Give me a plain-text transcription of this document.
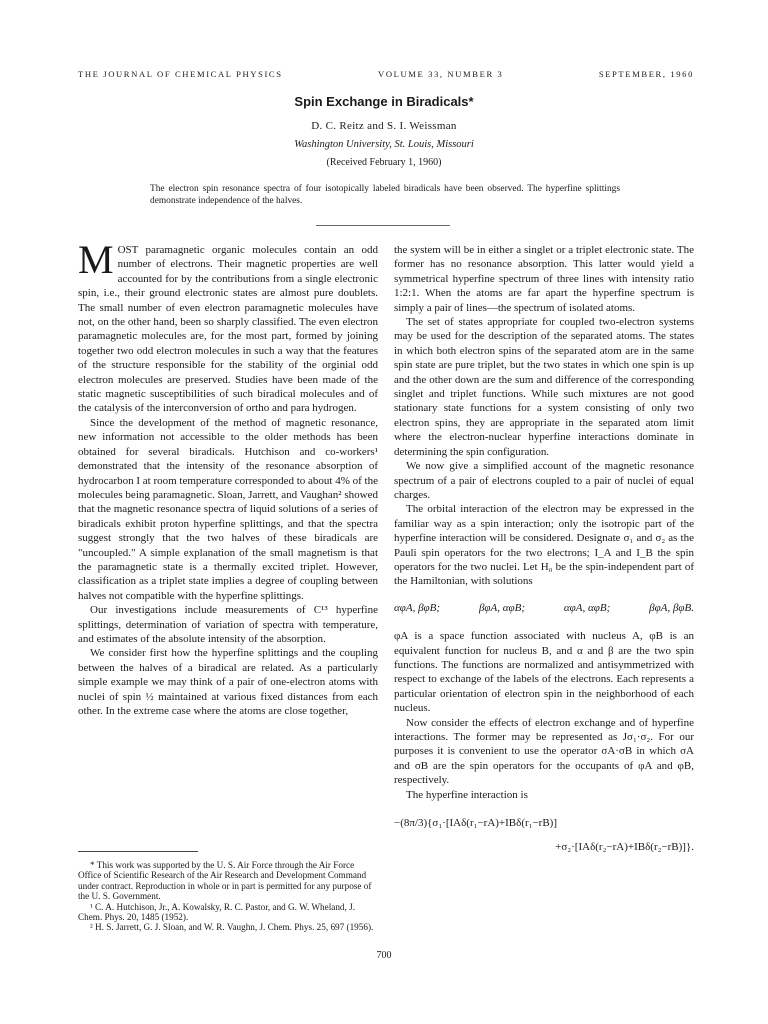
THE JOURNAL OF CHEMICAL PHYSICS	VOLUME 33, NUMBER 3	SEPTEMBER, 1960
Spin Exchange in Biradicals*
D. C. Reitz and S. I. Weissman
Washington University, St. Louis, Missouri
(Received February 1, 1960)
The electron spin resonance spectra of four isotopically labeled biradicals have been observed. The hyperfine splittings demonstrate independence of the halves.

MOST paramagnetic organic molecules contain an odd number of electrons. Their magnetic properties are well accounted for by the contributions from a single electronic spin, i.e., their ground electronic states are almost pure doublets. The small number of even electron paramagnetic molecules have not, on the other hand, been so sharply classified. The even electron paramagnetic molecules are, for the most part, formed by joining together two odd electron molecules in such a way that the features of the structure responsible for the stability of the orginial odd electron molecules are preserved. Studies have been made of the static magnetic susceptibilities of such biradical molecules and of the catalysis of the interconversion of ortho and para hydrogen.

Since the development of the method of magnetic resonance, new information not accessible to the older methods has been obtained for several biradicals. Hutchison and co-workers¹ demonstrated that the intensity of the resonance absorption of hydrocarbon I at room temperature corresponded to about 4% of the molecules being paramagnetic. Sloan, Jarrett, and Vaughan² showed that the magnetic resonance spectra of liquid solutions of a series of biradicals exhibit proton hyperfine splittings, and that the spectra suggest strongly that the two halves of these biradicals are "uncoupled." A simple explanation of the small magnetism is that the paramagnetic state is a thermally excited triplet. However, classification as a triplet state implies a degree of coupling between halves not compatible with the hyperfine splittings.

Our investigations include measurements of C¹³ hyperfine splittings, determination of variation of spectra with temperature, and estimates of the absolute intensity of the absorption.

We consider first how the hyperfine splittings and the coupling between the halves of a biradical are related. As a particularly simple example we may think of a pair of one-electron atoms with nuclei of spin ½ maintained at various fixed distances from each other. In the extreme case where the atoms are close together,

* This work was supported by the U. S. Air Force through the Air Force Office of Scientific Research of the Air Research and Development Command under contract. Reproduction in whole or in part is permitted for any purpose of the U. S. Government.

¹ C. A. Hutchison, Jr., A. Kowalsky, R. C. Pastor, and G. W. Wheland, J. Chem. Phys. 20, 1485 (1952).

² H. S. Jarrett, G. J. Sloan, and W. R. Vaughn, J. Chem. Phys. 25, 697 (1956).

the system will be in either a singlet or a triplet electronic state. The former has no resonance absorption. This latter would yield a symmetrical hyperfine spectrum of three lines with intensity ratio 1:2:1. When the atoms are far apart the hyperfine spectrum is simply a pair of lines—the spectrum of isolated atoms.

The set of states appropriate for coupled two-electron systems may be used for the description of the separated atoms. The states in which both electron spins of the separated atom are in the same spin state are pure triplet, but the two states in which one spin is up and the other down are the sum and difference of the corresponding singlet and triplet functions. While such mixtures are not good stationary state functions for a system consisting of only two electron spins, they are appropriate in the separated atom limit where the electron-nuclear hyperfine interactions dominate in determining the spin configuration.

We now give a simplified account of the magnetic resonance spectrum of a pair of electrons coupled to a pair of nuclei of equal charges.

The orbital interaction of the electron may be expressed in the familiar way as a spin interaction; only the isotropic part of the hyperfine interaction will be considered. Designate σ₁ and σ₂ as the Pauli spin operators for the two electrons; I_A and I_B the spin operators for the two nuclei. Let H₀ be the spin-independent part of the Hamiltonian, with solutions

αφA, βφB;	βφA, αφB;	αφA, αφB;	βφA, βφB.

φA is a space function associated with nucleus A, φB is an equivalent function for nucleus B, and α and β are the two spin functions. The functions are normalized and antisymmetrized with respect to exchange of the labels of the electrons. Each represents a particular orientation of electron spin in the neighborhood of each nucleus.

Now consider the effects of electron exchange and of hyperfine interactions. The former may be represented as Jσ₁·σ₂. For our purposes it is convenient to use the operator σA·σB in which σA and σB are the spin operators for the occupants of φA and φB, respectively.

The hyperfine interaction is

−(8π/3){σ₁·[IAδ(r₁−rA)+IBδ(r₁−rB)]
+σ₂·[IAδ(r₂−rA)+IBδ(r₂−rB)]}.
700
